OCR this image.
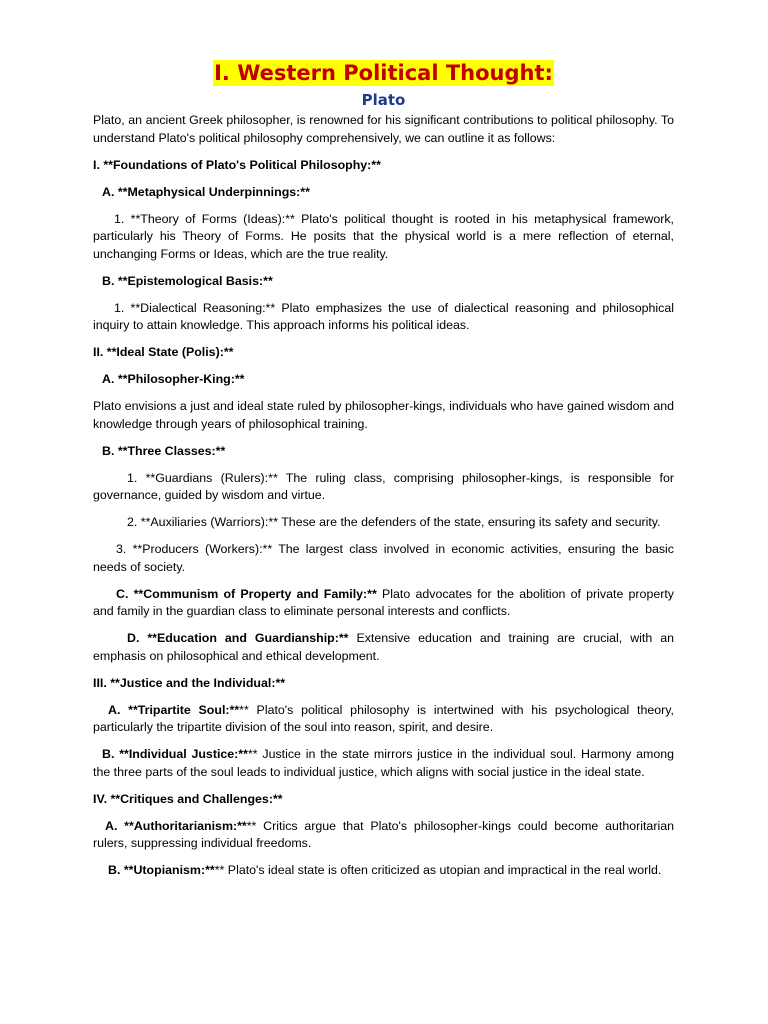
I. Western Political Thought:
Plato

Plato, an ancient Greek philosopher, is renowned for his significant contributions to political philosophy. To understand Plato's political philosophy comprehensively, we can outline it as follows:

I. **Foundations of Plato's Political Philosophy:**

A. **Metaphysical Underpinnings:**

1. **Theory of Forms (Ideas):** Plato's political thought is rooted in his metaphysical framework, particularly his Theory of Forms. He posits that the physical world is a mere reflection of eternal, unchanging Forms or Ideas, which are the true reality.

B. **Epistemological Basis:**

1. **Dialectical Reasoning:** Plato emphasizes the use of dialectical reasoning and philosophical inquiry to attain knowledge. This approach informs his political ideas.

II. **Ideal State (Polis):**

A. **Philosopher-King:**

Plato envisions a just and ideal state ruled by philosopher-kings, individuals who have gained wisdom and knowledge through years of philosophical training.

B. **Three Classes:**

1. **Guardians (Rulers):** The ruling class, comprising philosopher-kings, is responsible for governance, guided by wisdom and virtue.

2. **Auxiliaries (Warriors):** These are the defenders of the state, ensuring its safety and security.

3. **Producers (Workers):** The largest class involved in economic activities, ensuring the basic needs of society.

C. **Communism of Property and Family:** Plato advocates for the abolition of private property and family in the guardian class to eliminate personal interests and conflicts.

D. **Education and Guardianship:** Extensive education and training are crucial, with an emphasis on philosophical and ethical development.

III. **Justice and the Individual:**

A. **Tripartite Soul:**** Plato's political philosophy is intertwined with his psychological theory, particularly the tripartite division of the soul into reason, spirit, and desire.

B. **Individual Justice:**** Justice in the state mirrors justice in the individual soul. Harmony among the three parts of the soul leads to individual justice, which aligns with social justice in the ideal state.

IV. **Critiques and Challenges:**

A. **Authoritarianism:**** Critics argue that Plato's philosopher-kings could become authoritarian rulers, suppressing individual freedoms.

B. **Utopianism:**** Plato's ideal state is often criticized as utopian and impractical in the real world.
